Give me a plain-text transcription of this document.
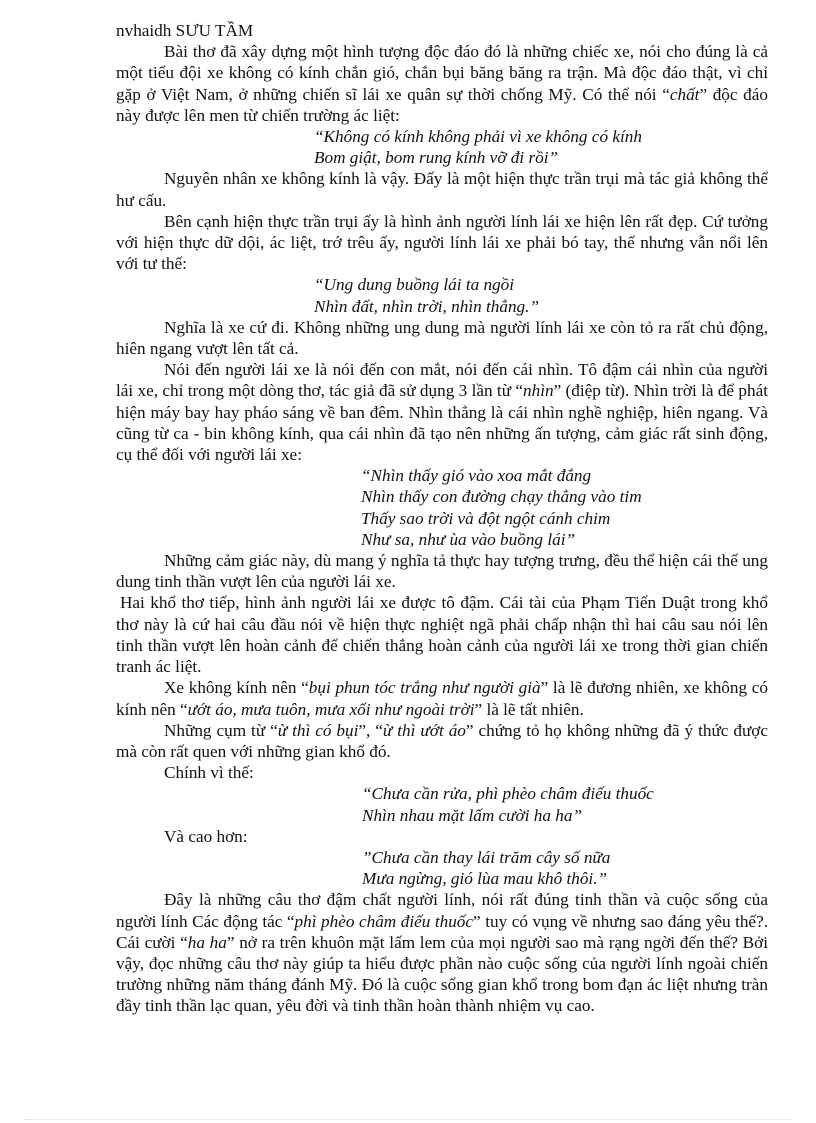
nvhaidh SƯU TẦM

Bài thơ đã xây dựng một hình tượng độc đáo đó là những chiếc xe, nói cho đúng là cả một tiểu đội xe không có kính chắn gió, chắn bụi băng băng ra trận. Mà độc đáo thật, vì chỉ gặp ở Việt Nam, ở những chiến sĩ lái xe quân sự thời chống Mỹ. Có thể nói “chất” độc đáo này được lên men từ chiến trường ác liệt:

“Không có kính không phải vì xe không có kính
Bom giật, bom rung kính vỡ đi rồi”

Nguyên nhân xe không kính là vậy. Đấy là một hiện thực trần trụi mà tác giả không thể hư cấu.

Bên cạnh hiện thực trần trụi ấy là hình ảnh người lính lái xe hiện lên rất đẹp. Cứ tưởng với hiện thực dữ dội, ác liệt, trớ trêu ấy, người lính lái xe phải bó tay, thế nhưng vẫn nổi lên với tư thế:

“Ung dung buồng lái ta ngồi
Nhìn đất, nhìn trời, nhìn thẳng.”

Nghĩa là xe cứ đi. Không những ung dung mà người lính lái xe còn tỏ ra rất chủ động, hiên ngang vượt lên tất cả.

Nói đến người lái xe là nói đến con mắt, nói đến cái nhìn. Tô đậm cái nhìn của người lái xe, chỉ trong một dòng thơ, tác giả đã sử dụng 3 lần từ “nhìn” (điệp từ). Nhìn trời là để phát hiện máy bay hay pháo sáng về ban đêm. Nhìn thẳng là cái nhìn nghề nghiệp, hiên ngang. Và cũng từ ca - bin không kính, qua cái nhìn đã tạo nên những ấn tượng, cảm giác rất sinh động, cụ thể đối với người lái xe:

“Nhìn thấy gió vào xoa mắt đắng
Nhìn thấy con đường chạy thẳng vào tim
Thấy sao trời và đột ngột cánh chim
Như sa, như ùa vào buồng lái”

Những cảm giác này, dù mang ý nghĩa tả thực hay tượng trưng, đều thể hiện cái thế ung dung tinh thần vượt lên của người lái xe.

Hai khổ thơ tiếp, hình ảnh người lái xe được tô đậm. Cái tài của Phạm Tiến Duật trong khổ thơ này là cứ hai câu đầu nói về hiện thực nghiệt ngã phải chấp nhận thì hai câu sau nói lên tinh thần vượt lên hoàn cảnh để chiến thắng hoàn cảnh của người lái xe trong thời gian chiến tranh ác liệt.

Xe không kính nên “bụi phun tóc trắng như người già” là lẽ đương nhiên, xe không có kính nên “ướt áo, mưa tuôn, mưa xối như ngoài trời” là lẽ tất nhiên.

Những cụm từ “ừ thì có bụi”, “ừ thì ướt áo” chứng tỏ họ không những đã ý thức được mà còn rất quen với những gian khổ đó.

Chính vì thế:

“Chưa cần rửa, phì phèo châm điếu thuốc
Nhìn nhau mặt lấm cười ha ha”

Và cao hơn:

”Chưa cần thay lái trăm cây số nữa
Mưa ngừng, gió lùa mau khô thôi.”

Đây là những câu thơ đậm chất người lính, nói rất đúng tinh thần và cuộc sống của người lính Các động tác “phì phèo châm điếu thuốc” tuy có vụng về nhưng sao đáng yêu thế?. Cái cười “ha ha” nở ra trên khuôn mặt lấm lem của mọi người sao mà rạng ngời đến thế? Bởi vậy, đọc những câu thơ này giúp ta hiểu được phần nào cuộc sống của người lính ngoài chiến trường những năm tháng đánh Mỹ. Đó là cuộc sống gian khổ trong bom đạn ác liệt nhưng tràn đầy tinh thần lạc quan, yêu đời và tinh thần hoàn thành nhiệm vụ cao.
